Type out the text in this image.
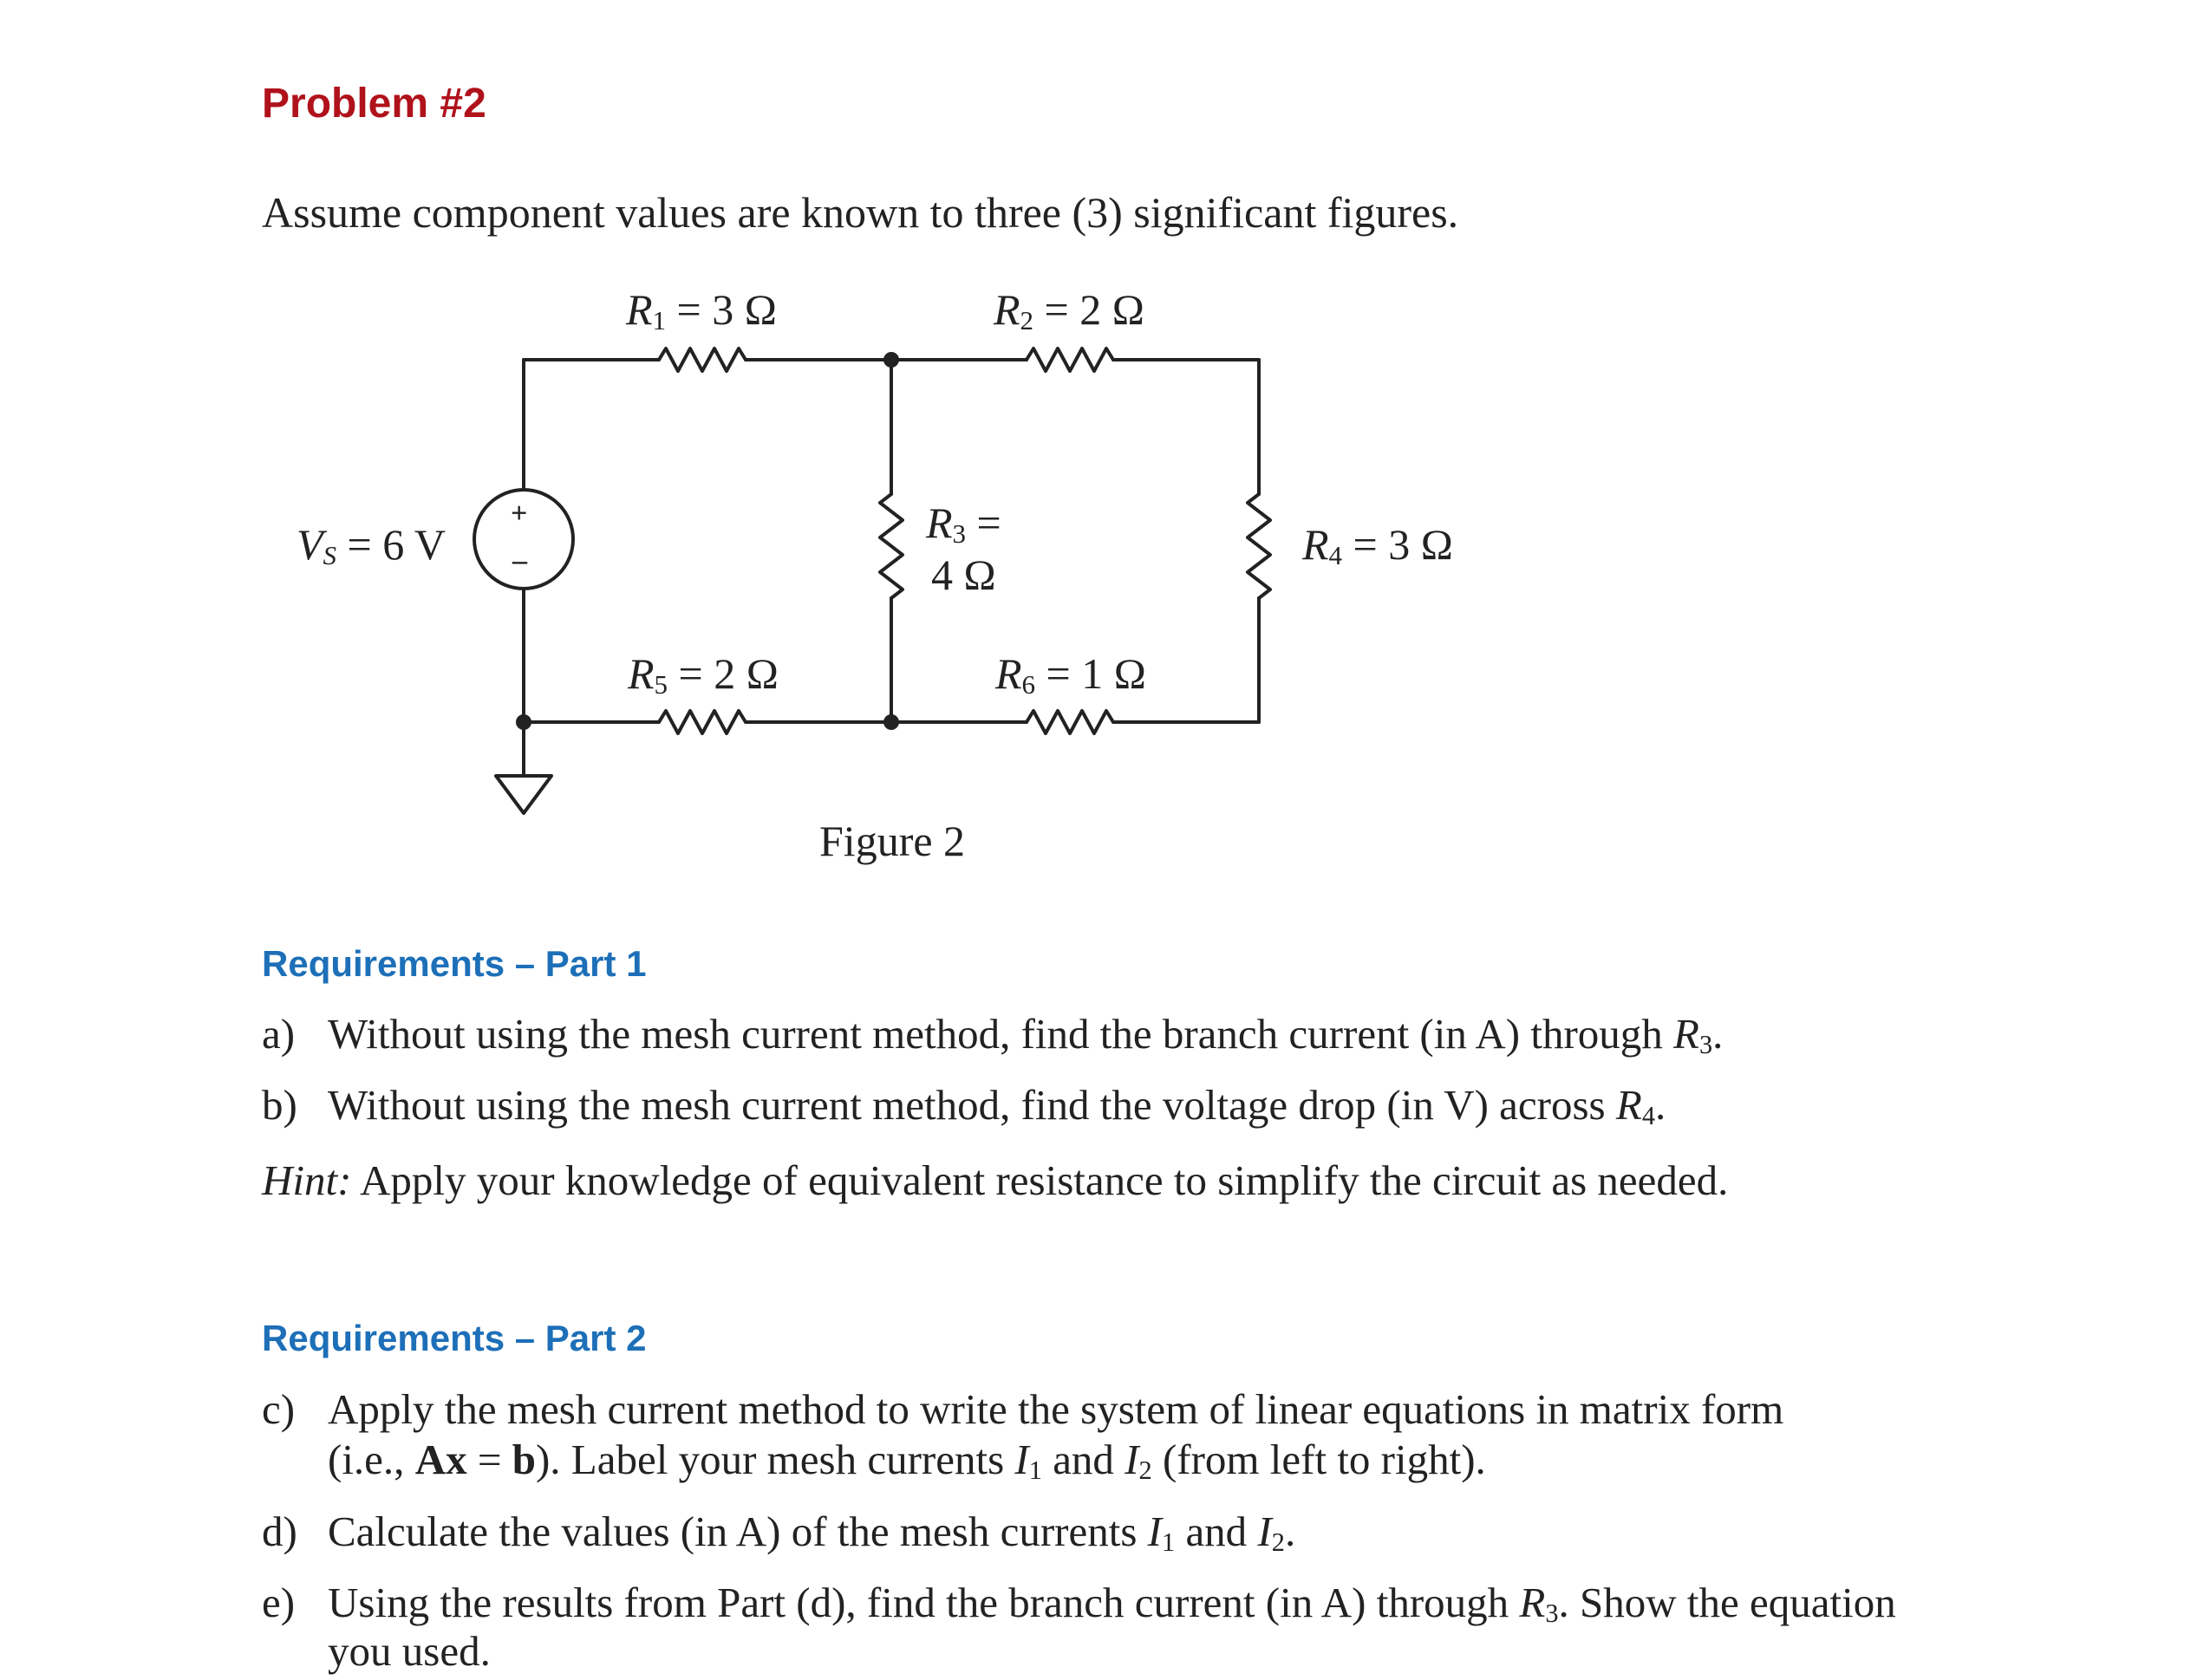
Problem #2
Assume component values are known to three (3) significant figures.
+
–
R1 = 3 Ω	R2 = 2 Ω
R3 =
4 Ω
R4 = 3 Ω
R5 = 2 Ω	R6 = 1 Ω
VS = 6 V
Figure 2
Requirements – Part 1
a) Without using the mesh current method, find the branch current (in A) through R3.
b) Without using the mesh current method, find the voltage drop (in V) across R4.
Hint: Apply your knowledge of equivalent resistance to simplify the circuit as needed.
Requirements – Part 2
c) Apply the mesh current method to write the system of linear equations in matrix form
(i.e., Ax = b). Label your mesh currents I1 and I2 (from left to right).
d) Calculate the values (in A) of the mesh currents I1 and I2.
e) Using the results from Part (d), find the branch current (in A) through R3. Show the equation
you used.
